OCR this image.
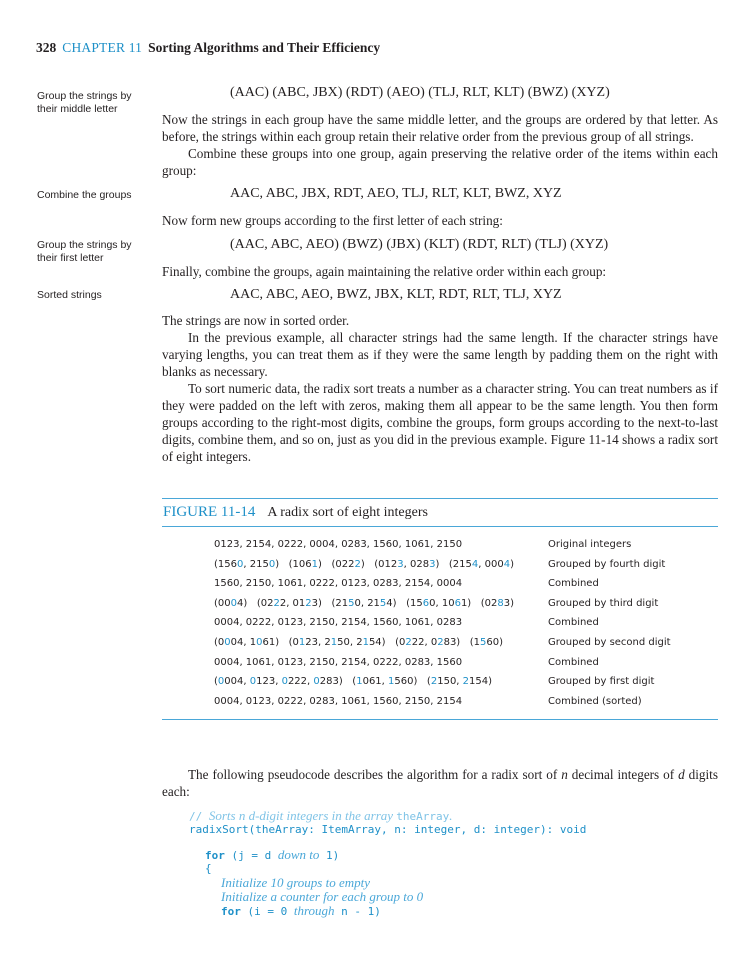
328 CHAPTER 11 Sorting Algorithms and Their Efficiency
Group the strings by their middle letter
Combine the groups
Group the strings by their first letter
Sorted strings
(AAC) (ABC, JBX) (RDT) (AEO) (TLJ, RLT, KLT) (BWZ) (XYZ)

Now the strings in each group have the same middle letter, and the groups are ordered by that letter. As before, the strings within each group retain their relative order from the previous group of all strings.

Combine these groups into one group, again preserving the relative order of the items within each group:

AAC, ABC, JBX, RDT, AEO, TLJ, RLT, KLT, BWZ, XYZ

Now form new groups according to the first letter of each string:

(AAC, ABC, AEO) (BWZ) (JBX) (KLT) (RDT, RLT) (TLJ) (XYZ)

Finally, combine the groups, again maintaining the relative order within each group:

AAC, ABC, AEO, BWZ, JBX, KLT, RDT, RLT, TLJ, XYZ

The strings are now in sorted order.

In the previous example, all character strings had the same length. If the character strings have varying lengths, you can treat them as if they were the same length by padding them on the right with blanks as necessary.

To sort numeric data, the radix sort treats a number as a character string. You can treat numbers as if they were padded on the left with zeros, making them all appear to be the same length. You then form groups according to the right-most digits, combine the groups, form groups according to the next-to-last digits, combine them, and so on, just as you did in the previous example. Figure 11-14 shows a radix sort of eight integers.

FIGURE 11-14 A radix sort of eight integers
0123, 2154, 0222, 0004, 0283, 1560, 1061, 2150	Original integers
(1560, 2150)   (1061)   (0222)   (0123, 0283)   (2154, 0004)	Grouped by fourth digit
1560, 2150, 1061, 0222, 0123, 0283, 2154, 0004	Combined
(0004)   (0222, 0123)   (2150, 2154)   (1560, 1061)   (0283)	Grouped by third digit
0004, 0222, 0123, 2150, 2154, 1560, 1061, 0283	Combined
(0004, 1061)   (0123, 2150, 2154)   (0222, 0283)   (1560)	Grouped by second digit
0004, 1061, 0123, 2150, 2154, 0222, 0283, 1560	Combined
(0004, 0123, 0222, 0283)   (1061, 1560)   (2150, 2154)	Grouped by first digit
0004, 0123, 0222, 0283, 1061, 1560, 2150, 2154	Combined (sorted)

The following pseudocode describes the algorithm for a radix sort of n decimal integers of d digits each:

// Sorts n d-digit integers in the array theArray.
radixSort(theArray: ItemArray, n: integer, d: integer): void
for (j = d down to 1)
{
Initialize 10 groups to empty
Initialize a counter for each group to 0
for (i = 0 through n - 1)
